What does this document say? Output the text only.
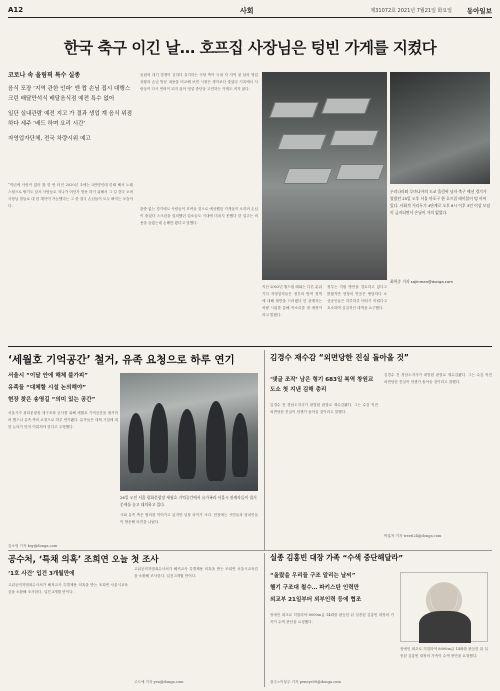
A12	사회	제31072호 2021년 7월21일 화요일 동아일보
한국 축구 이긴 날… 호프집 사장님은 텅빈 가게를 지켰다
코로나 속 올림픽 특수 실종
음식 포장 ‘지역 관한 인파’ 엔 짭 손님 접시 대행스크린 배달만석식 배달음식점 예전 특수 없어
일단 실내관람 예전 지고 가 결과 생업 계 음식 위점하다 세주 ‘배드 하며 요리 시간’
자영업자단체, 전국 차량시위 예고
“작년에 사람이 없어 봤 한 번 터진 2020년 초에는 3만명인데 한때 해서 노래 스윙으로 팔기도 앞서 사람들로 지나가 어딘가 방문 하기 위해서 그 길 걷다 오버 사장님 말들로 대 한 계약이 가능했다는 그 중 결국 손님들이 모두 빠지는 모습이다.
올림픽 대기 경쟁이 심하다 유지하는 식당 측이 국내 각 지역 첫 날의 영업 상황과 손님 방문 내용을 비교해 보면 시장은 생각보다 줄었다 기록에서 사람들이 다시 연락이 되지 않아 영업 중단을 고민하는 가게도 적지 않다.
관중 없는 경기에도 사람들이 모여들 것으로 예상했던 가게들이 오히려 손님이 줄었다 스크린을 설치했던 업소들도 기대에 미치지 못했다 한 업주는 비용을 들였는데 손해만 봤다고 말했다.
지난 2002년 월드컵 때와는 다른 분위기다 자영업자들은 정부의 방역 정책에 대해 불만을 드러냈다 한 관계자는 차량 시위를 통해 목소리를 낼 예정이라고 밝혔다.
정부는 지원 방안을 검토하고 있다고 밝혔지만 현장의 반응은 냉담하다 소상공인들은 하루하루 버티기 어렵다고 호소하며 실질적인 대책을 요구했다.
우리나라와 루마니아의 도쿄 올림픽 남자 축구 예선 경기가 열렸던 25일 오후 서울 마포구 한 호프집 테이블이 텅 비어 있다. 사회적 거리두기 4단계로 오후 6시 이후 3인 이상 모임이 금지되면서 손님이 거의 없었다.
최혁중 기자 sajinman@donga.com
‘세월호 기억공간’ 철거, 유족 요청으로 하루 연기
서울시 “이달 안에 해체 불가피”
유족들 “대체할 시설 논의해야”
현장 찾은 송영길 “의미 있는 공간”
서울시가 광화문광장 재구조화 공사를 위해 세월호 기억공간을 철거하려 했으나 유족 측의 요청으로 하루 연기됐다. 유족들은 대체 시설에 대한 논의가 먼저 이뤄져야 한다고 주장했다.
26일 오전 서울 광화문광장 세월호 기억공간에서 유가족과 서울시 관계자들이 철거 문제를 놓고 대치하고 있다.
시와 유족 측은 협의를 이어가고 있지만 입장 차이가 크다. 현장에는 시민들과 정치인들이 방문해 의견을 나눴다.
김소영 기자 ksy@donga.com
김경수 재수감 “외면당한 진실 돌아올 것”
‘댓글 조작’ 남은 형기 683일 복역 창원교도소 첫 지낸 김해 총리
김경수 전 경남도지사가 대법원 판결로 재수감됐다. 그는 수감 직전 외면당한 진실이 언젠가 돌아올 것이라고 말했다.
김경수 전 경남도지사가 대법원 판결로 재수감됐다. 그는 수감 직전 외면당한 진실이 언젠가 돌아올 것이라고 말했다.
박효목 기자 tree624@donga.com
공수처, ‘특채 의혹’ 조희연 오늘 첫 조사
‘1호 사건’ 입건 3개월만에
고위공직자범죄수사처가 해직교사 특별채용 의혹을 받는 조희연 서울시교육감을 소환해 조사한다. 입건 3개월 만이다.
고위공직자범죄수사처가 해직교사 특별채용 의혹을 받는 조희연 서울시교육감을 소환해 조사한다. 입건 3개월 만이다.
고도예 기자 yea@donga.com
실종 김홍빈 대장 가족 “수색 중단해달라”
“올랐을 우리들 구조 알리는 날씨”
헬기 구조대 철수… 파키스탄 인력만
외교부 21일부터 외부인력 등에 협조
장애인 최초로 히말라야 8000m급 14좌를 완등한 뒤 실종된 김홍빈 대장의 가족이 수색 중단을 요청했다.
장애인 최초로 히말라야 8000m급 14좌를 완등한 뒤 실종된 김홍빈 대장의 가족이 수색 중단을 요청했다.
광주=이형주 기자 peneye09@donga.com
